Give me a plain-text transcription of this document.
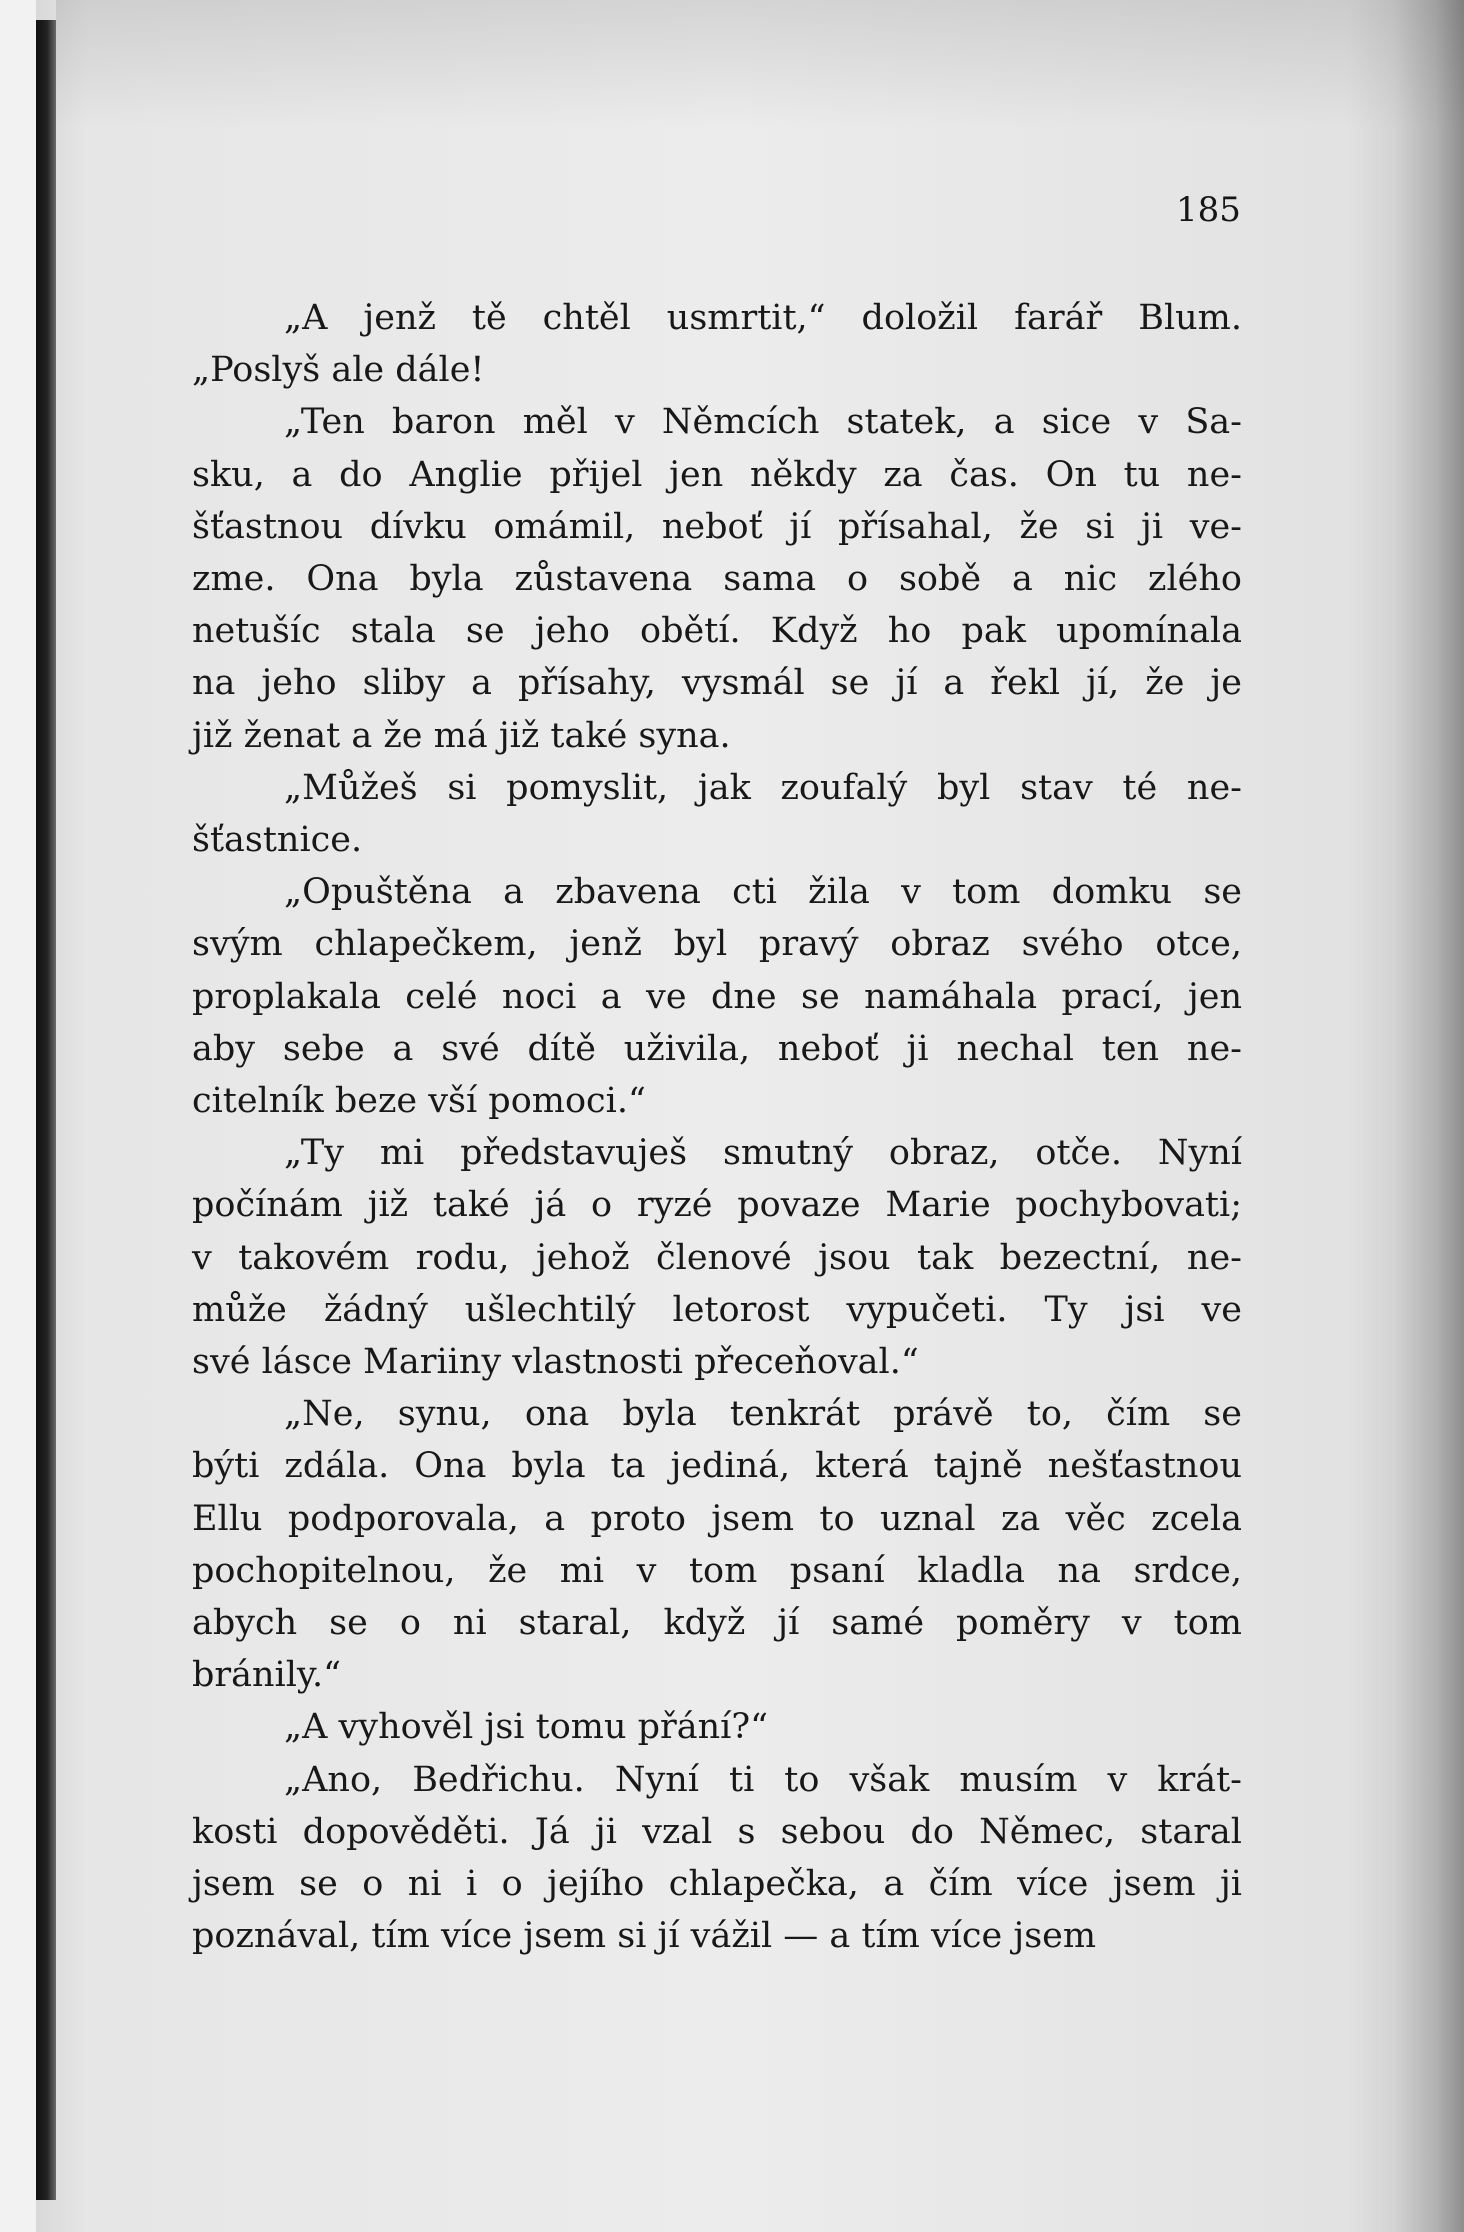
185

„A jenž tě chtěl usmrtit,“ doložil farář Blum.
„Poslyš ale dále!

„Ten baron měl v Němcích statek, a sice v Sa-
sku, a do Anglie přijel jen někdy za čas. On tu ne-
šťastnou dívku omámil, neboť jí přísahal, že si ji ve-
zme. Ona byla zůstavena sama o sobě a nic zlého
netušíc stala se jeho obětí. Když ho pak upomínala
na jeho sliby a přísahy, vysmál se jí a řekl jí, že je
již ženat a že má již také syna.

„Můžeš si pomyslit, jak zoufalý byl stav té ne-
šťastnice.

„Opuštěna a zbavena cti žila v tom domku se
svým chlapečkem, jenž byl pravý obraz svého otce,
proplakala celé noci a ve dne se namáhala prací, jen
aby sebe a své dítě uživila, neboť ji nechal ten ne-
citelník beze vší pomoci.“

„Ty mi představuješ smutný obraz, otče. Nyní
počínám již také já o ryzé povaze Marie pochybovati;
v takovém rodu, jehož členové jsou tak bezectní, ne-
může žádný ušlechtilý letorost vypučeti. Ty jsi ve
své lásce Mariiny vlastnosti přeceňoval.“

„Ne, synu, ona byla tenkrát právě to, čím se
býti zdála. Ona byla ta jediná, která tajně nešťastnou
Ellu podporovala, a proto jsem to uznal za věc zcela
pochopitelnou, že mi v tom psaní kladla na srdce,
abych se o ni staral, když jí samé poměry v tom
bránily.“

„A vyhověl jsi tomu přání?“

„Ano, Bedřichu. Nyní ti to však musím v krát-
kosti dopověděti. Já ji vzal s sebou do Němec, staral
jsem se o ni i o jejího chlapečka, a čím více jsem ji
poznával, tím více jsem si jí vážil — a tím více jsem
